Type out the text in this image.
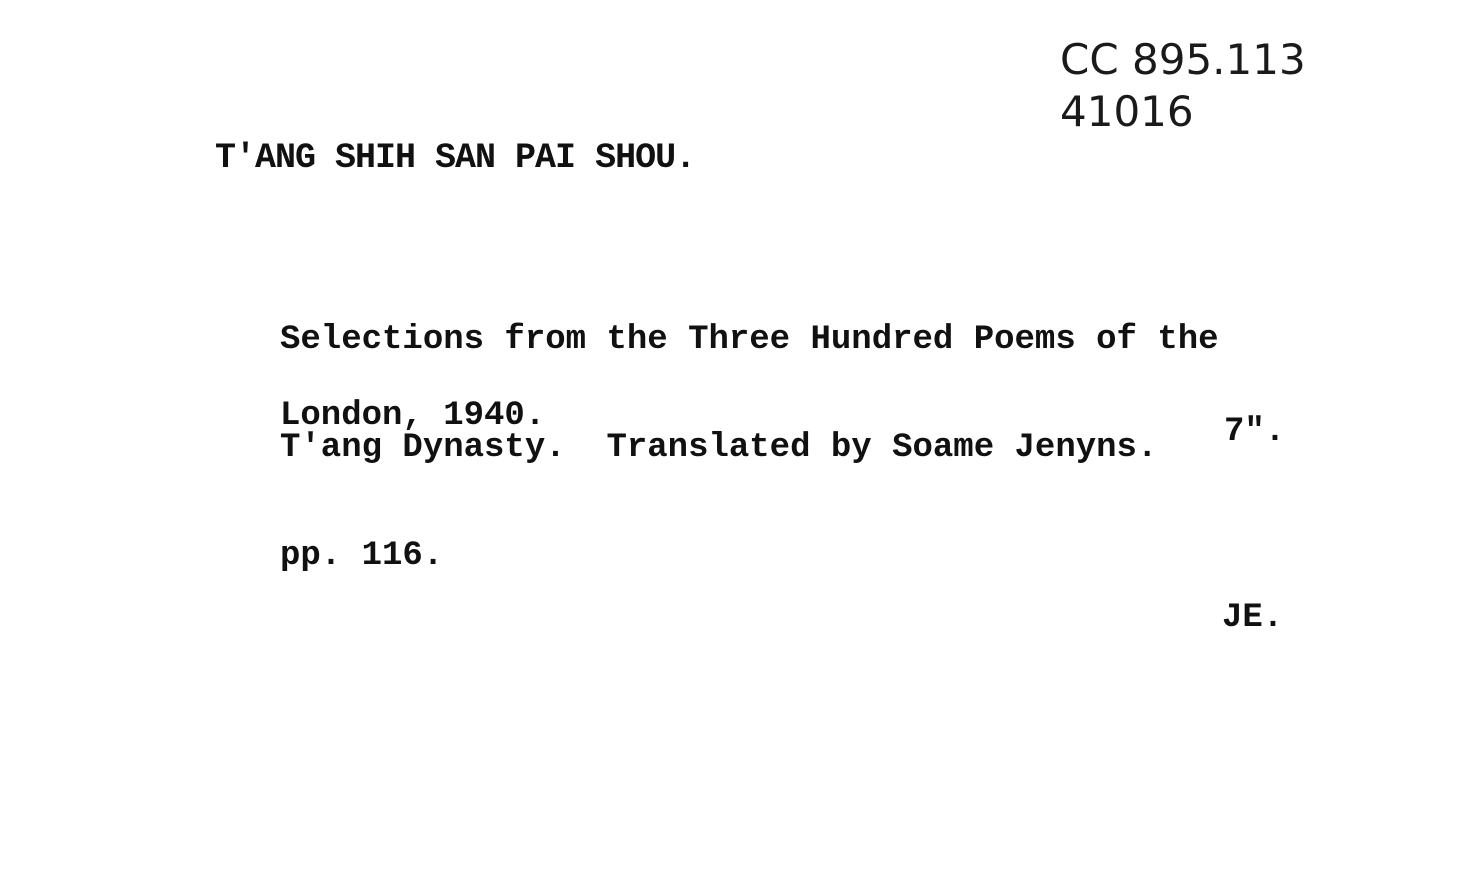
CC 895.113
41016
T'ANG SHIH SAN PAI SHOU.

Selections from the Three Hundred Poems of the

T'ang Dynasty.  Translated by Soame Jenyns.

pp. 116.

London, 1940.	7".
JE.
